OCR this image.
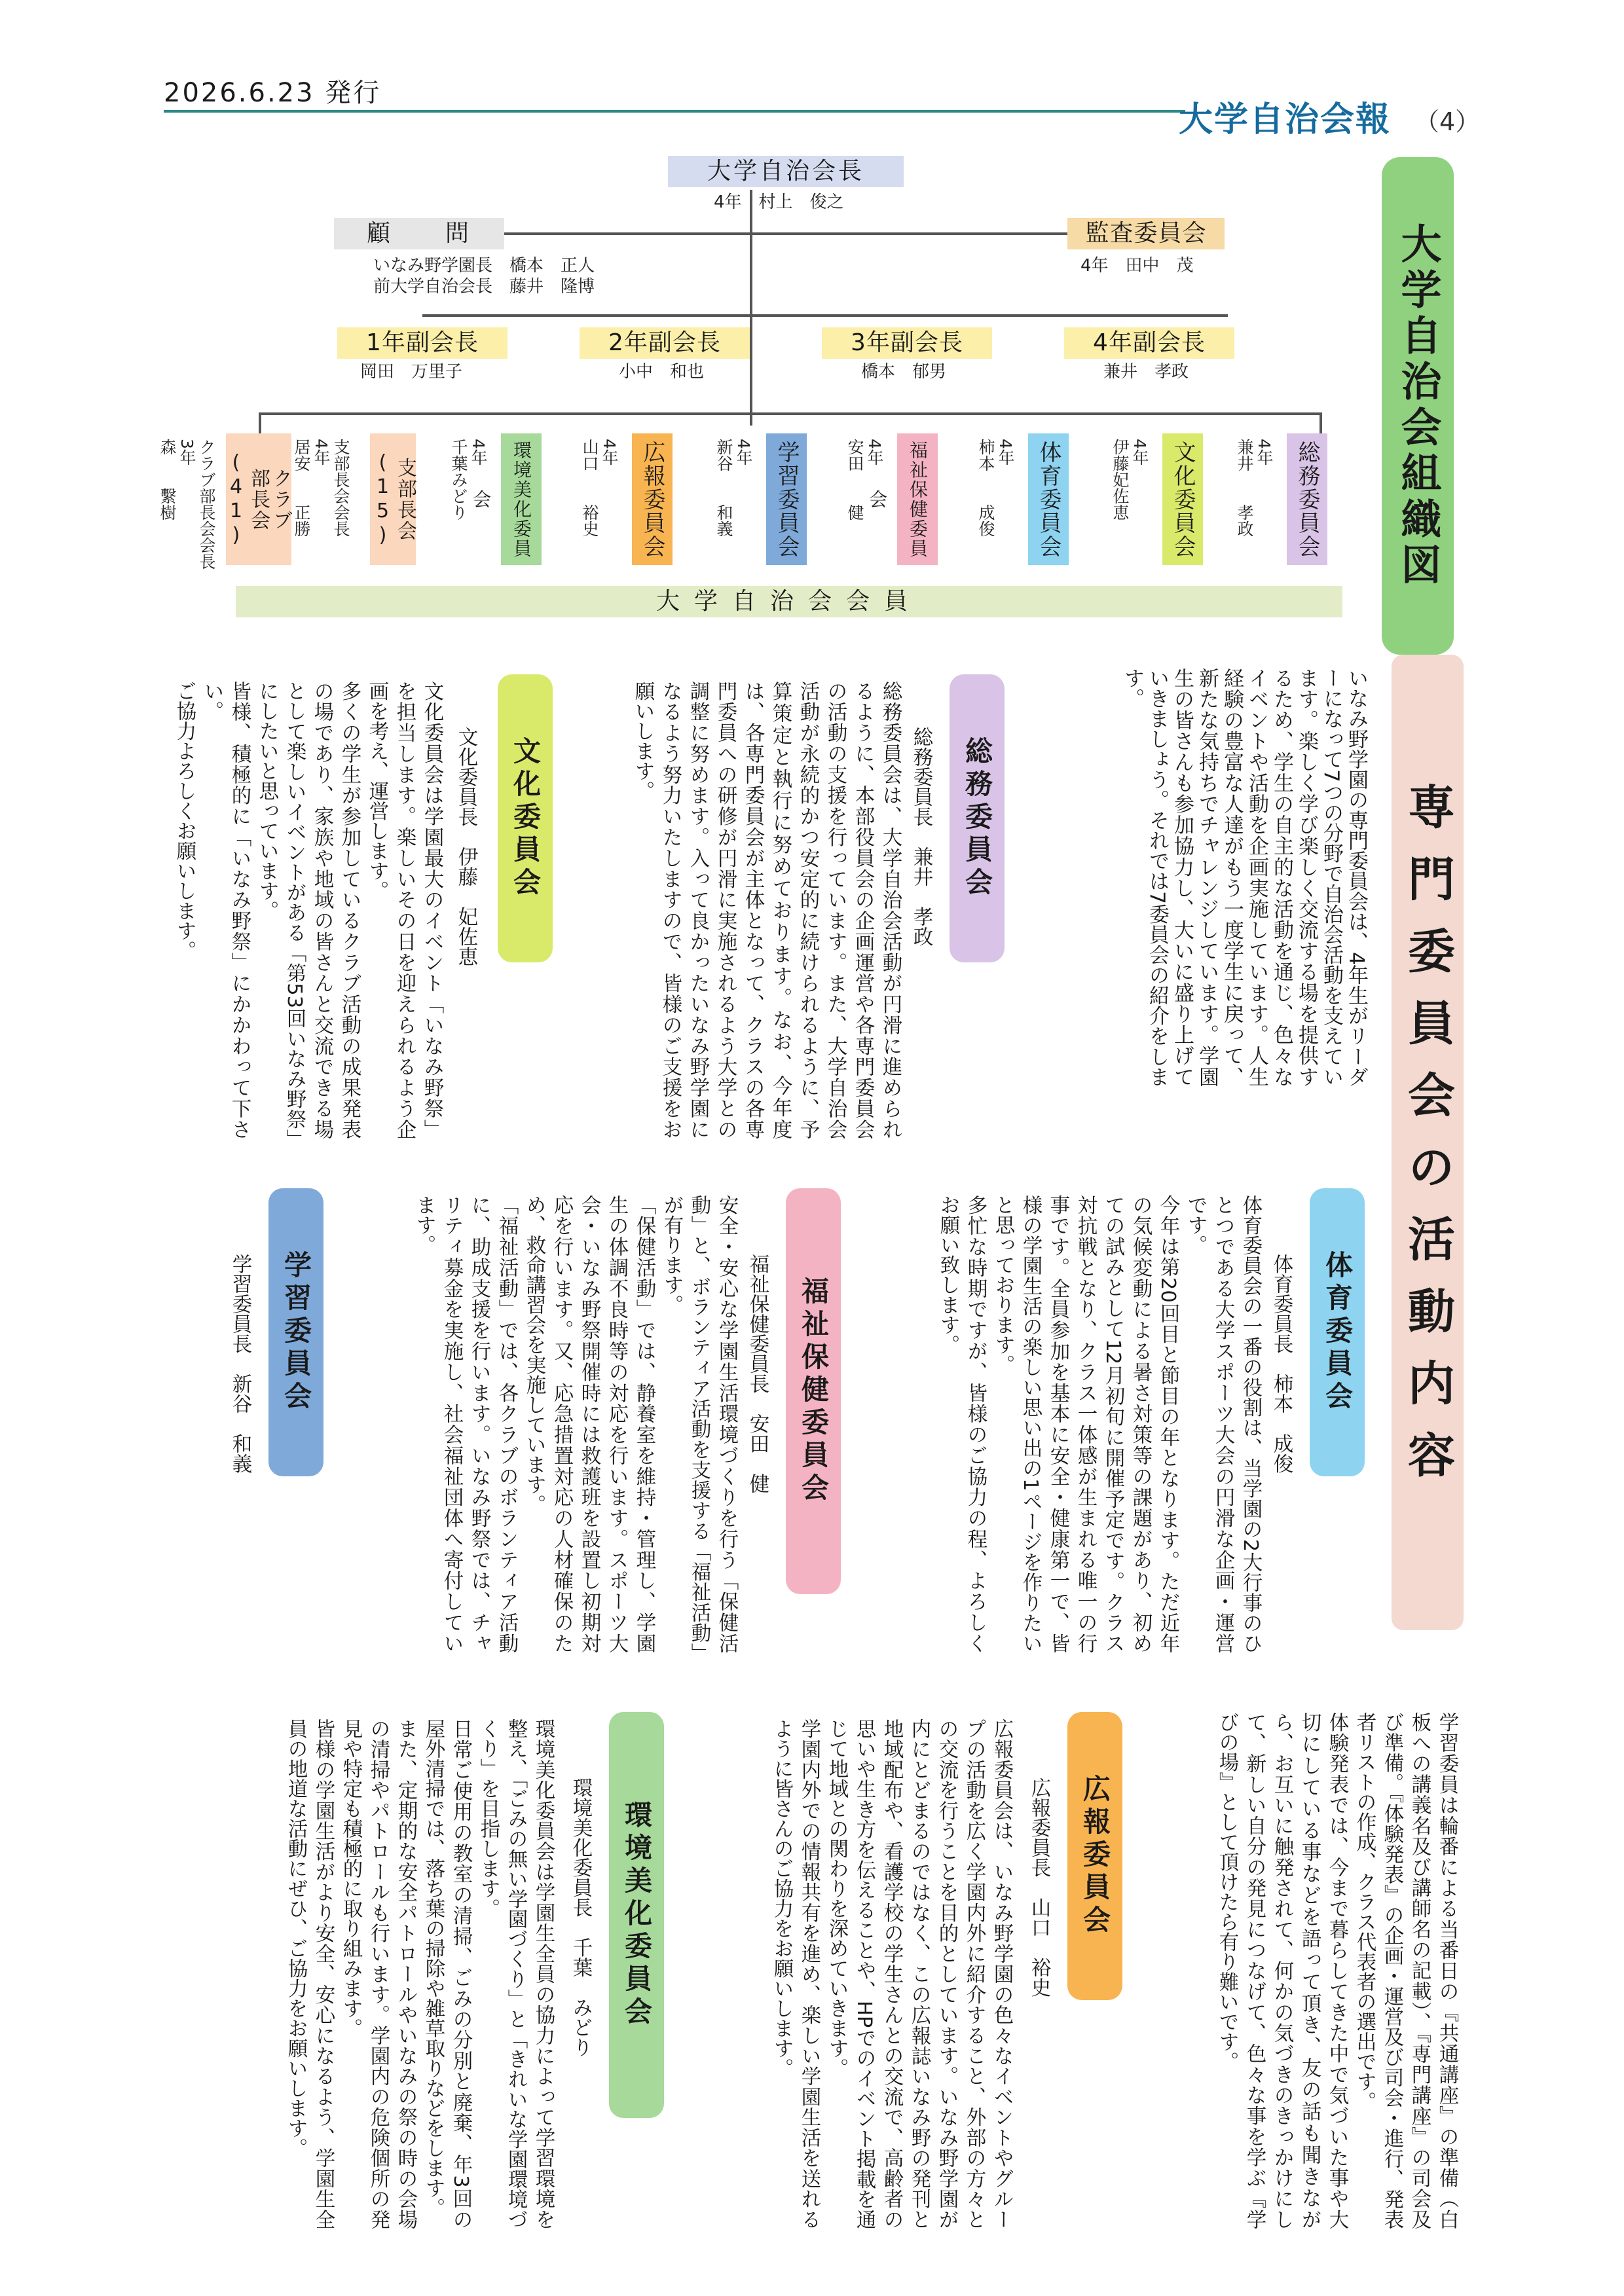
2026.6.23 発行
大学自治会報 （4）
大学自治会長
4年　村上　俊之
顧　　問
いなみ野学園長　橋本　正人
前大学自治会長　藤井　隆博
監査委員会
4年　田中　茂
1年副会長
岡田　万里子
2年副会長
小中　和也
3年副会長
橋本　郁男
4年副会長
兼井　孝政
総務委員会
4年
兼井　　孝政
文化委員会
4年
伊藤妃佐恵
体育委員会
4年
柿本　　成俊
福祉保健委員会
4年
安田　　健
学習委員会
4年
新谷　　和義
広報委員会
4年
山口　　裕史
環境美化委員会
4年
千葉みどり
支部長会
(15)
支部長会会長
4年
居安　　正勝
クラブ
部長会
(41)
クラブ部長会会長
3年
森　　繫樹
大学自治会会員
大学自治会組織図
専門委員会の活動内容
いなみ野学園の専門委員会は、4年生がリーダーになって7つの分野で自治会活動を支えています。楽しく学び楽しく交流する場を提供するため、学生の自主的な活動を通じ、色々なイベントや活動を企画実施しています。人生経験の豊富な人達がもう一度学生に戻って、新たな気持ちでチャレンジしています。学園生の皆さんも参加協力し、大いに盛り上げていきましょう。それでは7委員会の紹介をします。
総務委員会
総務委員長　兼井　孝政
総務委員会は、大学自治会活動が円滑に進められるように、本部役員会の企画運営や各専門委員会の活動の支援を行っています。また、大学自治会活動が永続的かつ安定的に続けられるように、予算策定と執行に努めております。なお、今年度は、各専門委員会が主体となって、クラスの各専門委員への研修が円滑に実施されるよう大学との調整に努めます。入って良かったいなみ野学園になるよう努力いたしますので、皆様のご支援をお願いします。
文化委員会
文化委員長　伊藤　妃佐恵
文化委員会は学園最大のイベント「いなみ野祭」を担当します。楽しいその日を迎えられるよう企画を考え、運営します。
多くの学生が参加しているクラブ活動の成果発表の場であり、家族や地域の皆さんと交流できる場として楽しいイベントがある「第53回いなみ野祭」にしたいと思っています。
皆様、積極的に「いなみ野祭」にかかわって下さい。
ご協力よろしくお願いします。
体育委員会
体育委員長　柿本　成俊
体育委員会の一番の役割は、当学園の2大行事のひとつである大学スポーツ大会の円滑な企画・運営です。
今年は第20回目と節目の年となります。ただ近年の気候変動による暑さ対策等の課題があり、初めての試みとして12月初旬に開催予定です。クラス対抗戦となり、クラス一体感が生まれる唯一の行事です。全員参加を基本に安全・健康第一で、皆様の学園生活の楽しい思い出の1ページを作りたいと思っております。
多忙な時期ですが、皆様のご協力の程、よろしくお願い致します。
福祉保健委員会
福祉保健委員長　安田　健
安全・安心な学園生活環境づくりを行う「保健活動」と、ボランティア活動を支援する「福祉活動」が有ります。
「保健活動」では、静養室を維持・管理し、学園生の体調不良時等の対応を行います。スポーツ大会・いなみ野祭開催時には救護班を設置し初期対応を行います。又、応急措置対応の人材確保のため、救命講習会を実施しています。
「福祉活動」では、各クラブのボランティア活動に、助成支援を行います。いなみ野祭では、チャリティ募金を実施し、社会福祉団体へ寄付しています。
学習委員会
学習委員長　新谷　和義
学習委員は輪番による当番日の『共通講座』の準備（白板への講義名及び講師名の記載）、『専門講座』の司会及び準備。『体験発表』の企画・運営及び司会・進行、発表者リストの作成、クラス代表者の選出です。
体験発表では、今まで暮らしてきた中で気づいた事や大切にしている事などを語って頂き、友の話も聞きながら、お互いに触発されて、何かの気づきのきっかけにして、新しい自分の発見につなげて、色々な事を学ぶ『学びの場』として頂けたら有り難いです。
広報委員会
広報委員長　山口　裕史
広報委員会は、いなみ野学園の色々なイベントやグループの活動を広く学園内外に紹介すること、外部の方々との交流を行うことを目的としています。いなみ野学園が内にとどまるのではなく、この広報誌いなみ野の発刊と地域配布や、看護学校の学生さんとの交流で、高齢者の思いや生き方を伝えることや、HPでのイベント掲載を通じて地域との関わりを深めていきます。
学園内外での情報共有を進め、楽しい学園生活を送れるように皆さんのご協力をお願いします。
環境美化委員会
環境美化委員長　千葉　みどり
環境美化委員会は学園生全員の協力によって学習環境を整え、「ごみの無い学園づくり」と「きれいな学園環境づくり」を目指します。
日常ご使用の教室の清掃、ごみの分別と廃棄、年3回の屋外清掃では、落ち葉の掃除や雑草取りなどをします。
また、定期的な安全パトロールやいなみの祭の時の会場の清掃やパトロールも行います。学園内の危険個所の発見や特定も積極的に取り組みます。
皆様の学園生活がより安全、安心になるよう、学園生全員の地道な活動にぜひ、ご協力をお願いします。
